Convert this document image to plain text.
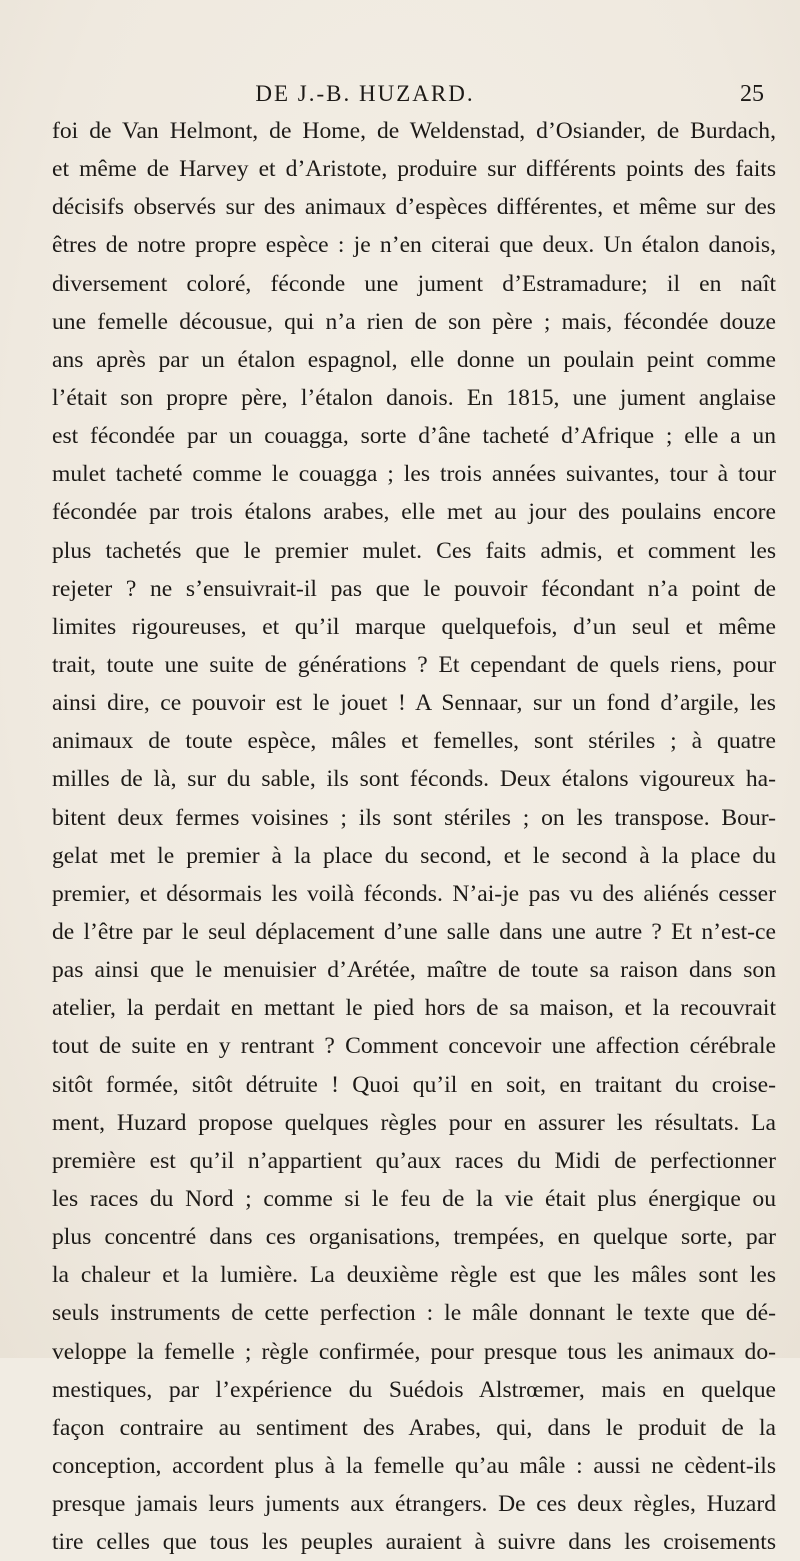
DE J.-B. HUZARD.	25
foi de Van Helmont, de Home, de Weldenstad, d’Osiander, de Burdach,
et même de Harvey et d’Aristote, produire sur différents points des faits
décisifs observés sur des animaux d’espèces différentes, et même sur des
êtres de notre propre espèce : je n’en citerai que deux. Un étalon danois,
diversement coloré, féconde une jument d’Estramadure; il en naît
une femelle décousue, qui n’a rien de son père ; mais, fécondée douze
ans après par un étalon espagnol, elle donne un poulain peint comme
l’était son propre père, l’étalon danois. En 1815, une jument anglaise
est fécondée par un couagga, sorte d’âne tacheté d’Afrique ; elle a un
mulet tacheté comme le couagga ; les trois années suivantes, tour à tour
fécondée par trois étalons arabes, elle met au jour des poulains encore
plus tachetés que le premier mulet. Ces faits admis, et comment les
rejeter ? ne s’ensuivrait-il pas que le pouvoir fécondant n’a point de
limites rigoureuses, et qu’il marque quelquefois, d’un seul et même
trait, toute une suite de générations ? Et cependant de quels riens, pour
ainsi dire, ce pouvoir est le jouet ! A Sennaar, sur un fond d’argile, les
animaux de toute espèce, mâles et femelles, sont stériles ; à quatre
milles de là, sur du sable, ils sont féconds. Deux étalons vigoureux ha-
bitent deux fermes voisines ; ils sont stériles ; on les transpose. Bour-
gelat met le premier à la place du second, et le second à la place du
premier, et désormais les voilà féconds. N’ai-je pas vu des aliénés cesser
de l’être par le seul déplacement d’une salle dans une autre ? Et n’est-ce
pas ainsi que le menuisier d’Arétée, maître de toute sa raison dans son
atelier, la perdait en mettant le pied hors de sa maison, et la recouvrait
tout de suite en y rentrant ? Comment concevoir une affection cérébrale
sitôt formée, sitôt détruite ! Quoi qu’il en soit, en traitant du croise-
ment, Huzard propose quelques règles pour en assurer les résultats. La
première est qu’il n’appartient qu’aux races du Midi de perfectionner
les races du Nord ; comme si le feu de la vie était plus énergique ou
plus concentré dans ces organisations, trempées, en quelque sorte, par
la chaleur et la lumière. La deuxième règle est que les mâles sont les
seuls instruments de cette perfection : le mâle donnant le texte que dé-
veloppe la femelle ; règle confirmée, pour presque tous les animaux do-
mestiques, par l’expérience du Suédois Alstrœmer, mais en quelque
façon contraire au sentiment des Arabes, qui, dans le produit de la
conception, accordent plus à la femelle qu’au mâle : aussi ne cèdent-ils
presque jamais leurs juments aux étrangers. De ces deux règles, Huzard
tire celles que tous les peuples auraient à suivre dans les croisements
